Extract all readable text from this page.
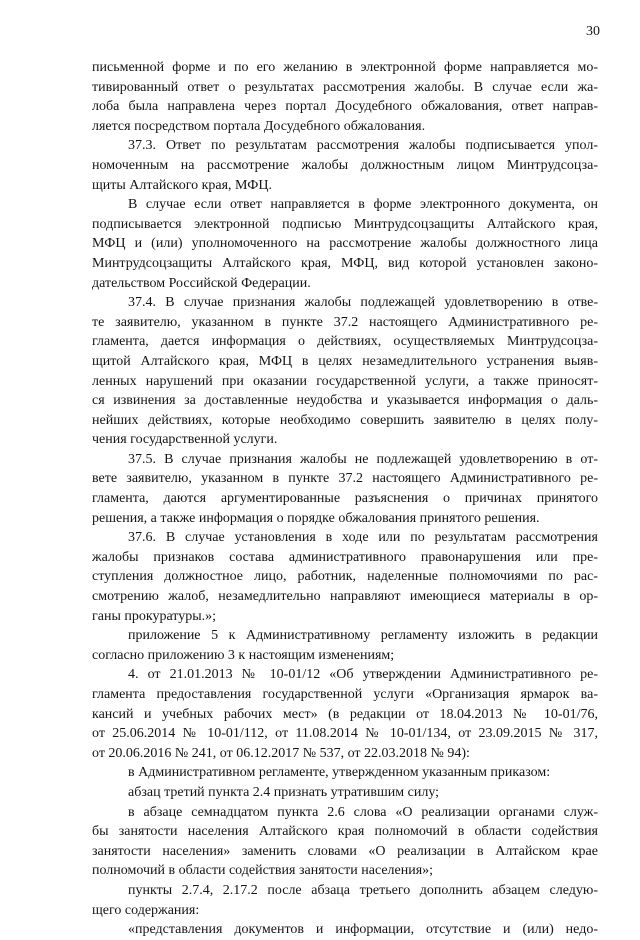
30
письменной форме и по его желанию в электронной форме направляется мо-
тивированный ответ о результатах рассмотрения жалобы. В случае если жа-
лоба была направлена через портал Досудебного обжалования, ответ направ-
ляется посредством портала Досудебного обжалования.
37.3. Ответ по результатам рассмотрения жалобы подписывается упол-
номоченным на рассмотрение жалобы должностным лицом Минтрудсоцза-
щиты Алтайского края, МФЦ.
В случае если ответ направляется в форме электронного документа, он
подписывается электронной подписью Минтрудсоцзащиты Алтайского края,
МФЦ и (или) уполномоченного на рассмотрение жалобы должностного лица
Минтрудсоцзащиты Алтайского края, МФЦ, вид которой установлен законо-
дательством Российской Федерации.
37.4. В случае признания жалобы подлежащей удовлетворению в отве-
те заявителю, указанном в пункте 37.2 настоящего Административного ре-
гламента, дается информация о действиях, осуществляемых Минтрудсоцза-
щитой Алтайского края, МФЦ в целях незамедлительного устранения выяв-
ленных нарушений при оказании государственной услуги, а также приносят-
ся извинения за доставленные неудобства и указывается информация о даль-
нейших действиях, которые необходимо совершить заявителю в целях полу-
чения государственной услуги.
37.5. В случае признания жалобы не подлежащей удовлетворению в от-
вете заявителю, указанном в пункте 37.2 настоящего Административного ре-
гламента, даются аргументированные разъяснения о причинах принятого
решения, а также информация о порядке обжалования принятого решения.
37.6. В случае установления в ходе или по результатам рассмотрения
жалобы признаков состава административного правонарушения или пре-
ступления должностное лицо, работник, наделенные полномочиями по рас-
смотрению жалоб, незамедлительно направляют имеющиеся материалы в ор-
ганы прокуратуры.»;
приложение 5 к Административному регламенту изложить в редакции
согласно приложению 3 к настоящим изменениям;
4. от 21.01.2013 № 10-01/12 «Об утверждении Административного ре-
гламента предоставления государственной услуги «Организация ярмарок ва-
кансий и учебных рабочих мест» (в редакции от 18.04.2013 № 10-01/76,
от 25.06.2014 № 10-01/112, от 11.08.2014 № 10-01/134, от 23.09.2015 № 317,
от 20.06.2016 № 241, от 06.12.2017 № 537, от 22.03.2018 № 94):
в Административном регламенте, утвержденном указанным приказом:
абзац третий пункта 2.4 признать утратившим силу;
в абзаце семнадцатом пункта 2.6 слова «О реализации органами служ-
бы занятости населения Алтайского края полномочий в области содействия
занятости населения» заменить словами «О реализации в Алтайском крае
полномочий в области содействия занятости населения»;
пункты 2.7.4, 2.17.2 после абзаца третьего дополнить абзацем следую-
щего содержания:
«представления документов и информации, отсутствие и (или) недо-
